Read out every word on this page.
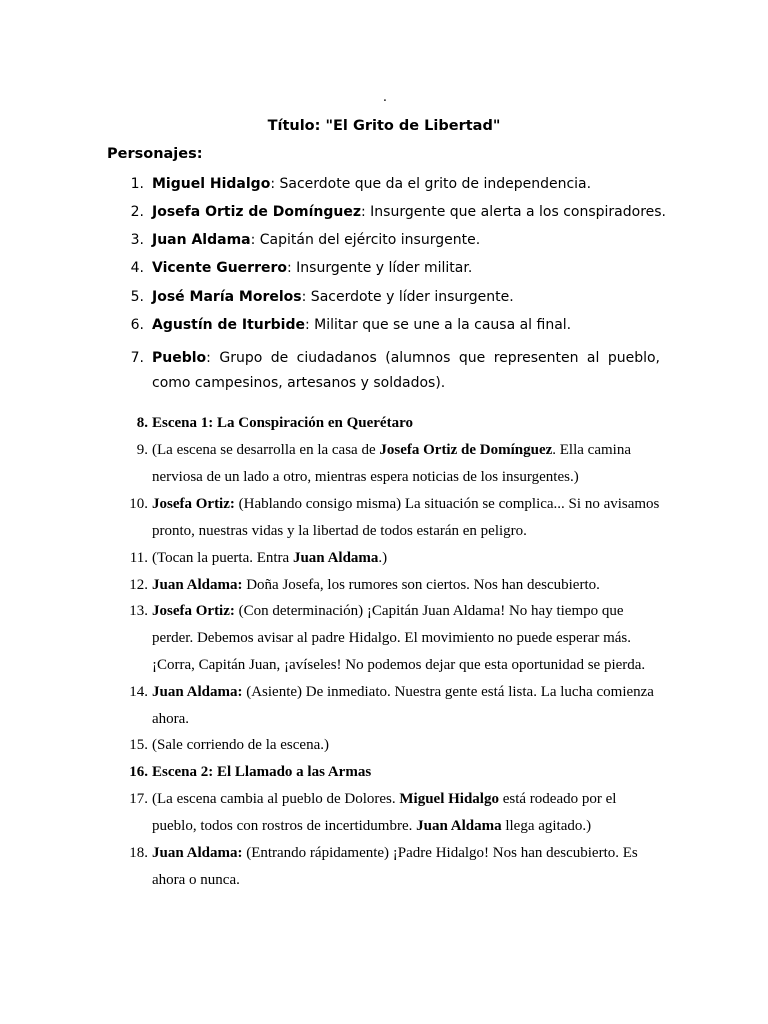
.
Título: "El Grito de Libertad"
Personajes:
1. Miguel Hidalgo: Sacerdote que da el grito de independencia.
2. Josefa Ortiz de Domínguez: Insurgente que alerta a los conspiradores.
3. Juan Aldama: Capitán del ejército insurgente.
4. Vicente Guerrero: Insurgente y líder militar.
5. José María Morelos: Sacerdote y líder insurgente.
6. Agustín de Iturbide: Militar que se une a la causa al final.
7. Pueblo: Grupo de ciudadanos (alumnos que representen al pueblo, como campesinos, artesanos y soldados).
8. Escena 1: La Conspiración en Querétaro
9. (La escena se desarrolla en la casa de Josefa Ortiz de Domínguez. Ella camina nerviosa de un lado a otro, mientras espera noticias de los insurgentes.)
10. Josefa Ortiz: (Hablando consigo misma) La situación se complica... Si no avisamos pronto, nuestras vidas y la libertad de todos estarán en peligro.
11. (Tocan la puerta. Entra Juan Aldama.)
12. Juan Aldama: Doña Josefa, los rumores son ciertos. Nos han descubierto.
13. Josefa Ortiz: (Con determinación) ¡Capitán Juan Aldama! No hay tiempo que perder. Debemos avisar al padre Hidalgo. El movimiento no puede esperar más. ¡Corra, Capitán Juan, ¡avíseles! No podemos dejar que esta oportunidad se pierda.
14. Juan Aldama: (Asiente) De inmediato. Nuestra gente está lista. La lucha comienza ahora.
15. (Sale corriendo de la escena.)
16. Escena 2: El Llamado a las Armas
17. (La escena cambia al pueblo de Dolores. Miguel Hidalgo está rodeado por el pueblo, todos con rostros de incertidumbre. Juan Aldama llega agitado.)
18. Juan Aldama: (Entrando rápidamente) ¡Padre Hidalgo! Nos han descubierto. Es ahora o nunca.
